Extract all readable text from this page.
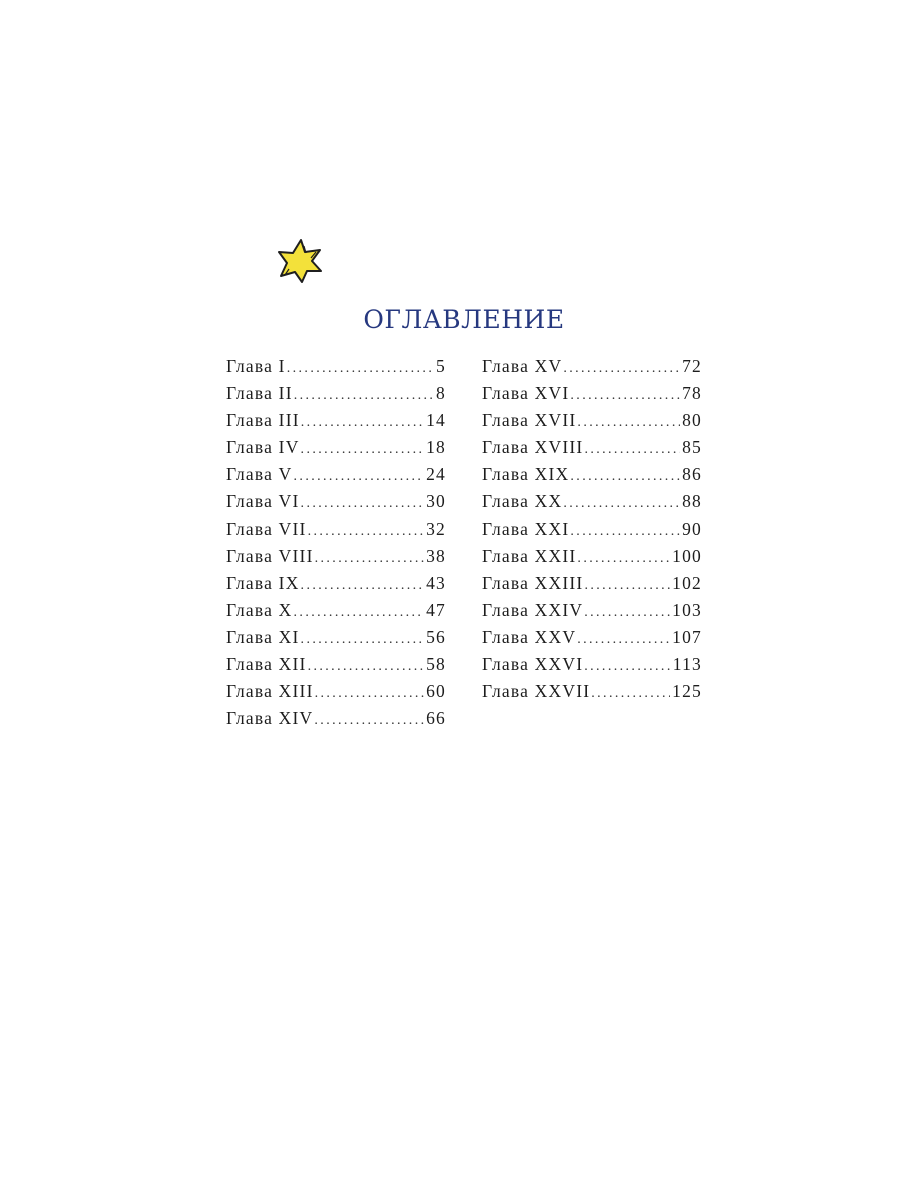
ОГЛАВЛЕНИЕ
Глава I .....	5
Глава II .....	8
Глава III .....	14
Глава IV .....	18
Глава V .....	24
Глава VI .....	30
Глава VII .....	32
Глава VIII .....	38
Глава IX .....	43
Глава X .....	47
Глава XI .....	56
Глава XII .....	58
Глава XIII .....	60
Глава XIV .....	66
Глава XV .....	72
Глава XVI .....	78
Глава XVII .....	80
Глава XVIII .....	85
Глава XIX .....	86
Глава XX .....	88
Глава XXI .....	90
Глава XXII .....	100
Глава XXIII .....	102
Глава XXIV .....	103
Глава XXV .....	107
Глава XXVI .....	113
Глава XXVII .....	125
